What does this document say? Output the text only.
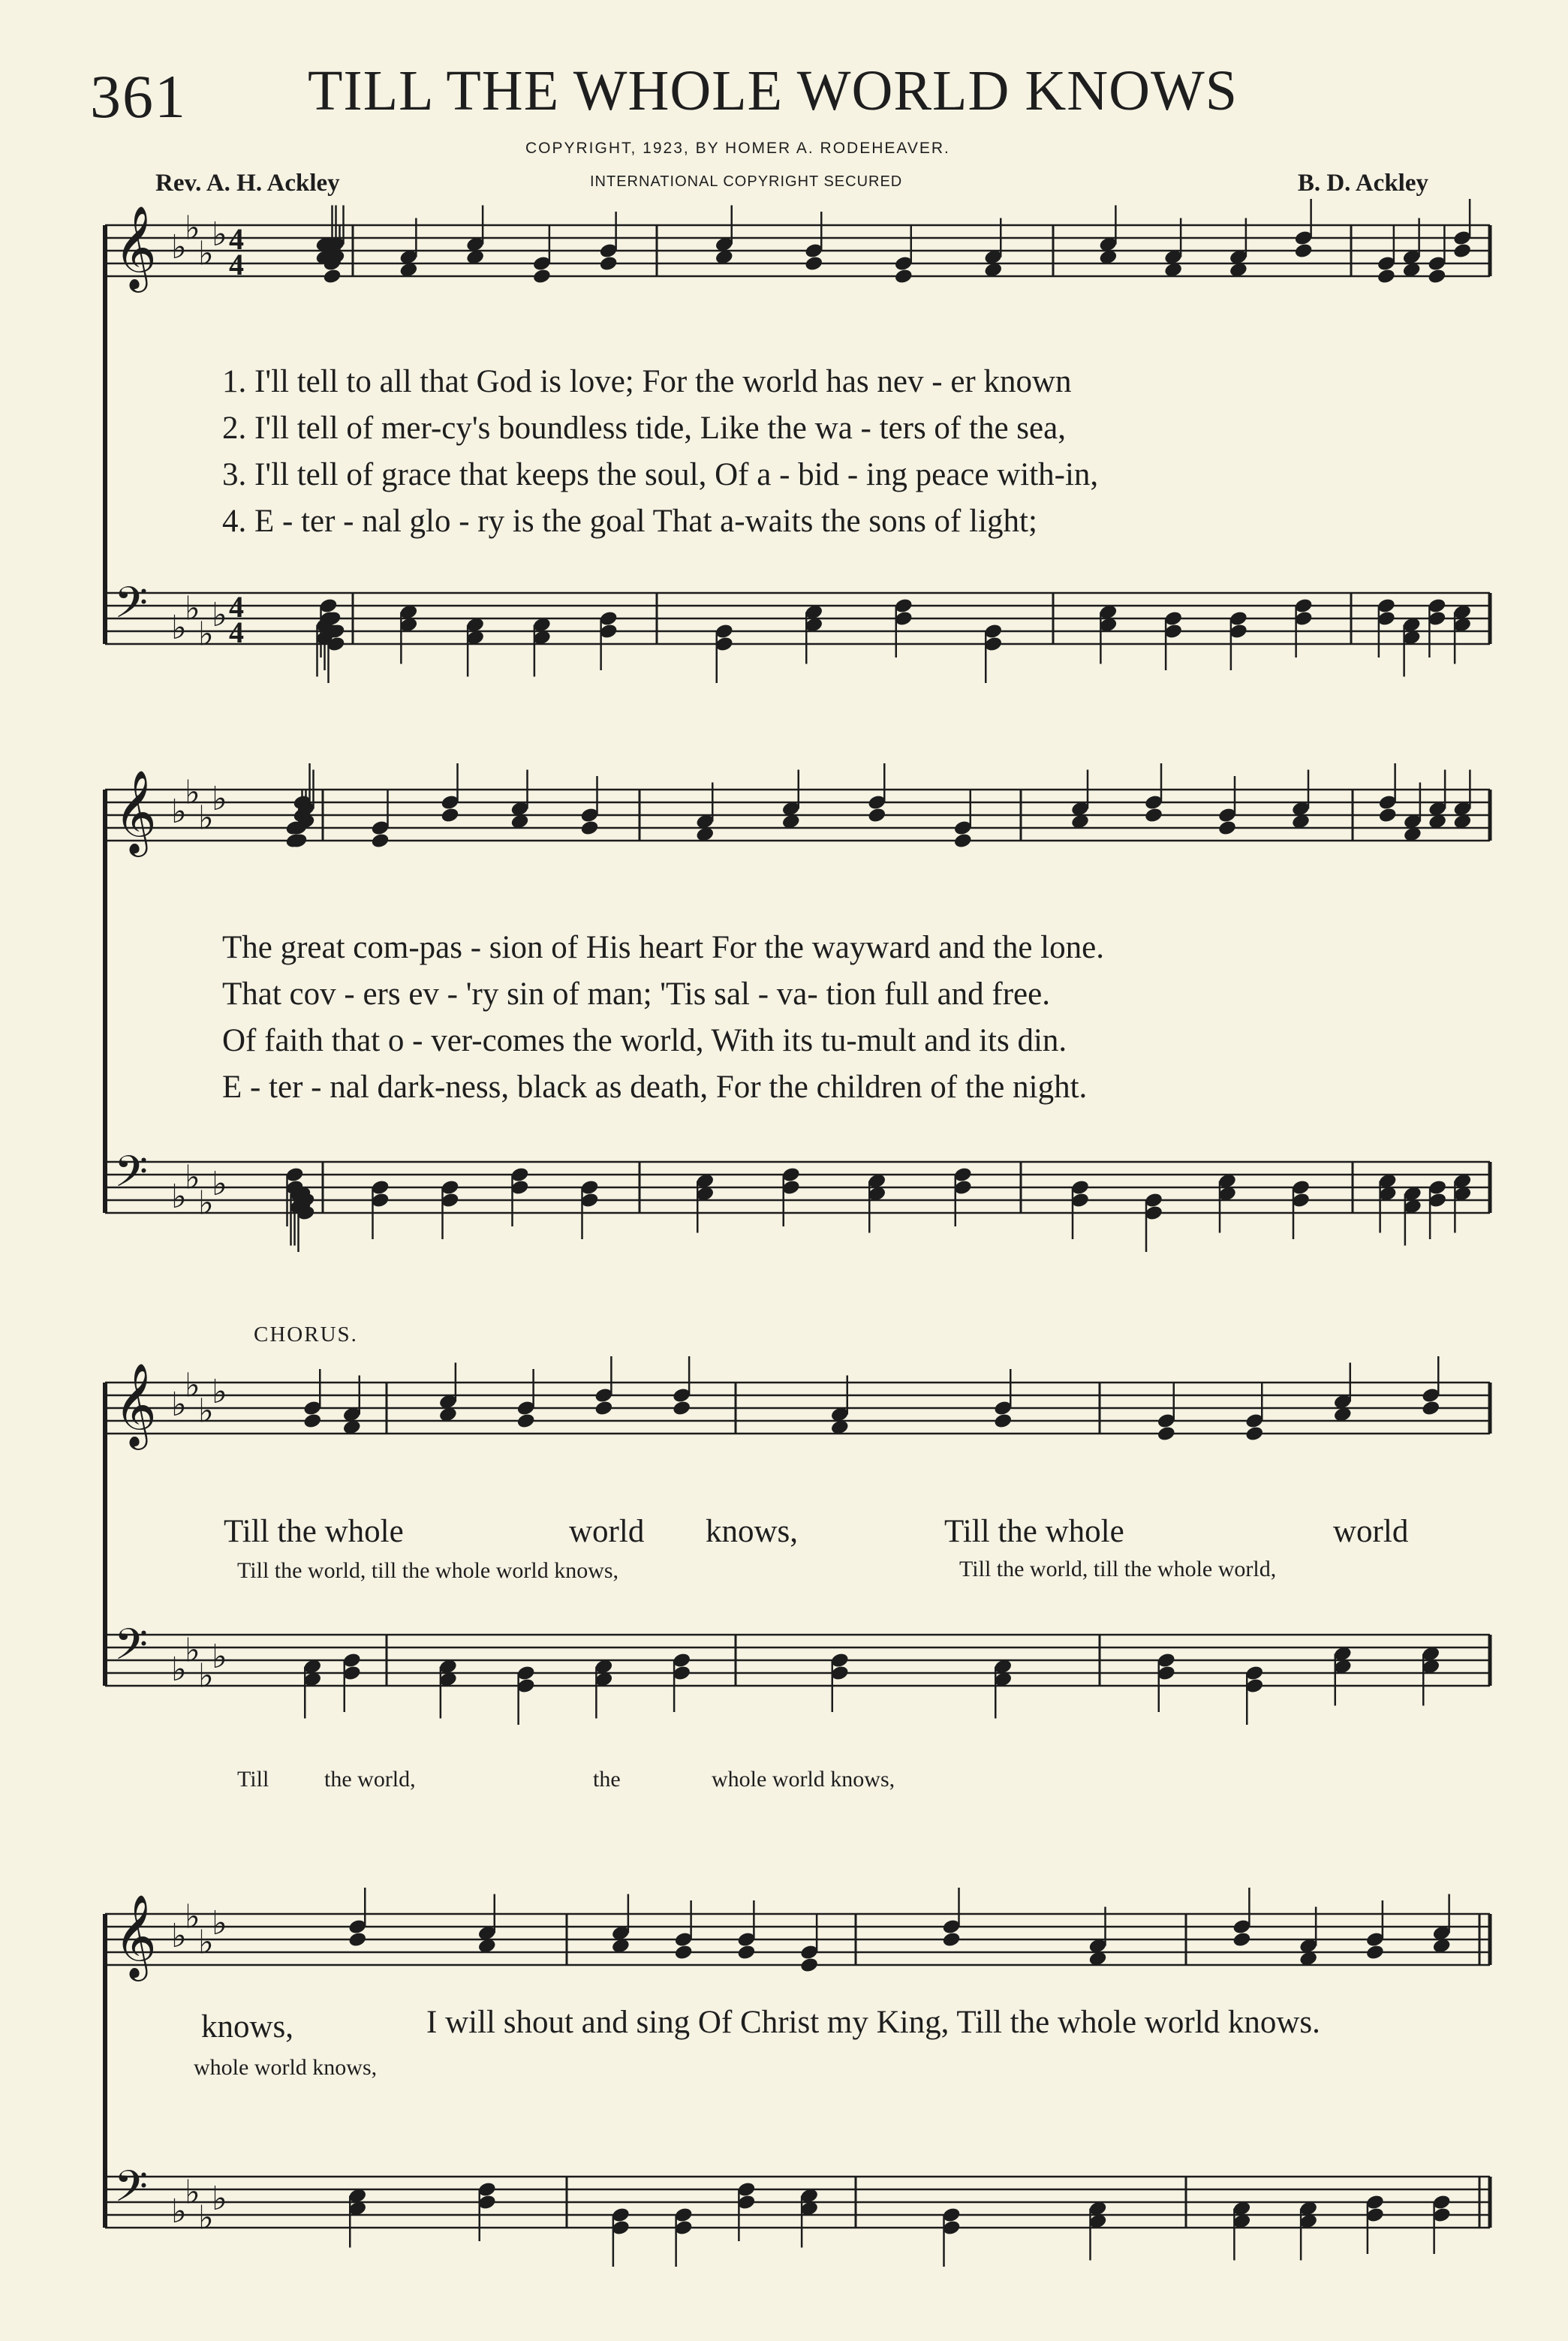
361 TILL THE WHOLE WORLD KNOWS
COPYRIGHT, 1923, BY HOMER A. RODEHEAVER.
INTERNATIONAL COPYRIGHT SECURED
Rev. A. H. Ackley	B. D. Ackley
𝄞 ♭
♭
♭
♭ 4
4
𝄢 ♭
♭
♭
♭ 4
4
𝄞 ♭
♭
♭
♭
𝄢 ♭
♭
♭
♭
𝄞 ♭
♭
♭
♭
𝄢 ♭
♭
♭
♭
𝄞 ♭
♭
♭
♭
𝄢 ♭
♭
♭
♭
1. I'll tell to all that God is love; For the world has nev - er known
2. I'll tell of mer-cy's boundless tide, Like the wa - ters of the sea,
3. I'll tell of grace that keeps the soul, Of a - bid - ing peace with-in,
4. E - ter - nal glo - ry is the goal That a-waits the sons of light;
The great com-pas - sion of His heart For the wayward and the lone.
That cov - ers ev - 'ry sin of man; 'Tis sal - va- tion full and free.
Of faith that o - ver-comes the world, With its tu-mult and its din.
E - ter - nal dark-ness, black as death, For the children of the night.
CHORUS.
Till the whole	world knows,	Till the whole	world
Till the world, till the whole world knows,	Till the world, till the whole world,
Till the world,	the	whole world knows,
knows,	I will shout and sing Of Christ my King, Till the whole world knows.
whole world knows,
